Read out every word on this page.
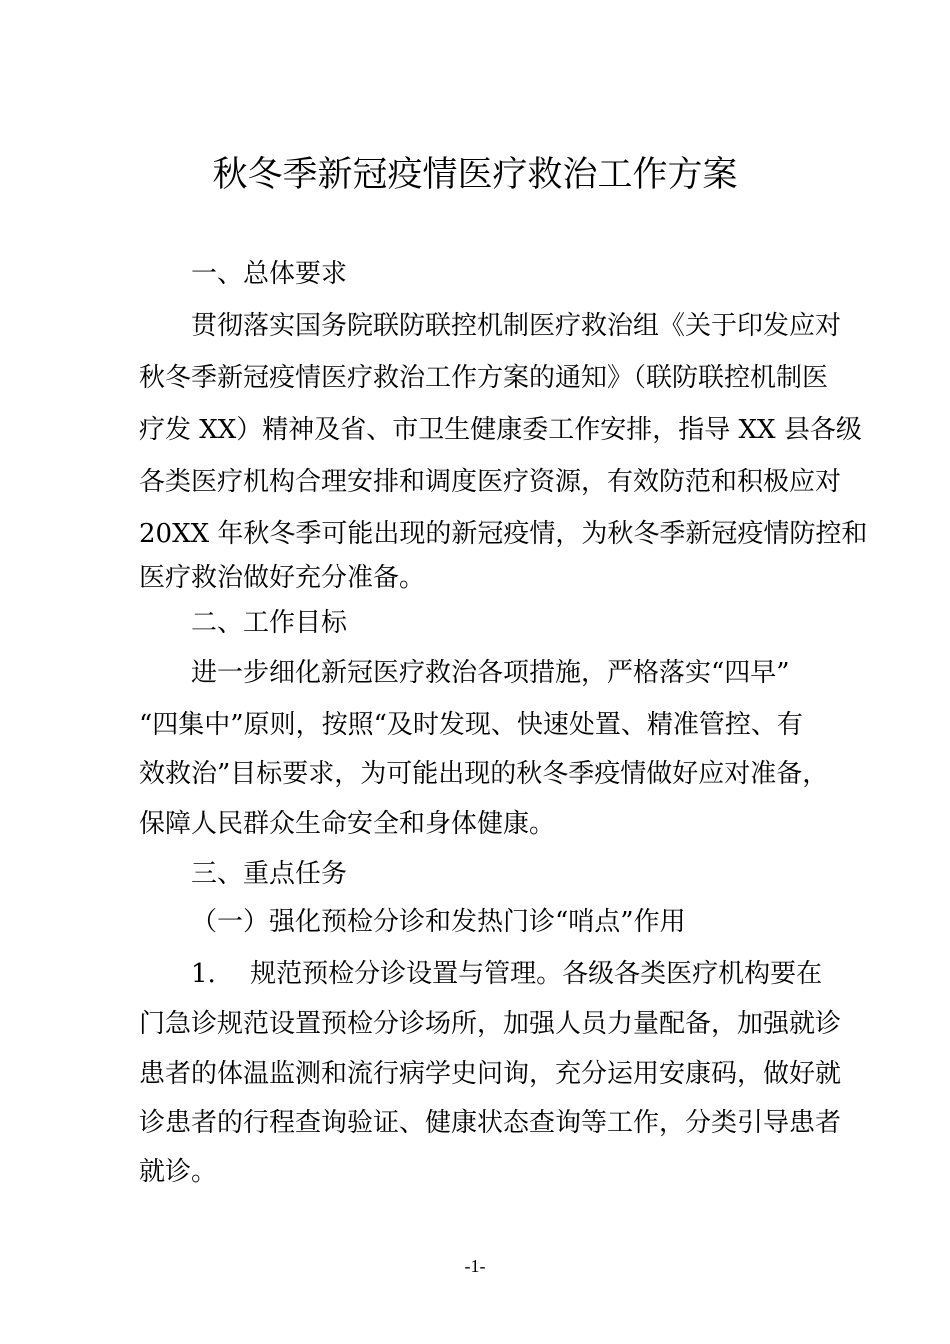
秋冬季新冠疫情医疗救治工作方案
一、总体要求
贯彻落实国务院联防联控机制医疗救治组《关于印发应对
秋冬季新冠疫情医疗救治工作方案的通知》（联防联控机制医
疗发 XX）精神及省、市卫生健康委工作安排，指导 XX 县各级
各类医疗机构合理安排和调度医疗资源，有效防范和积极应对
20XX 年秋冬季可能出现的新冠疫情，为秋冬季新冠疫情防控和
医疗救治做好充分准备。
二、工作目标
进一步细化新冠医疗救治各项措施，严格落实“四早”
“四集中”原则，按照“及时发现、快速处置、精准管控、有
效救治”目标要求，为可能出现的秋冬季疫情做好应对准备，
保障人民群众生命安全和身体健康。
三、重点任务
（一）强化预检分诊和发热门诊“哨点”作用
1.　 规范预检分诊设置与管理。各级各类医疗机构要在
门急诊规范设置预检分诊场所，加强人员力量配备，加强就诊
患者的体温监测和流行病学史问询，充分运用安康码，做好就
诊患者的行程查询验证、健康状态查询等工作，分类引导患者
就诊。
-1-
